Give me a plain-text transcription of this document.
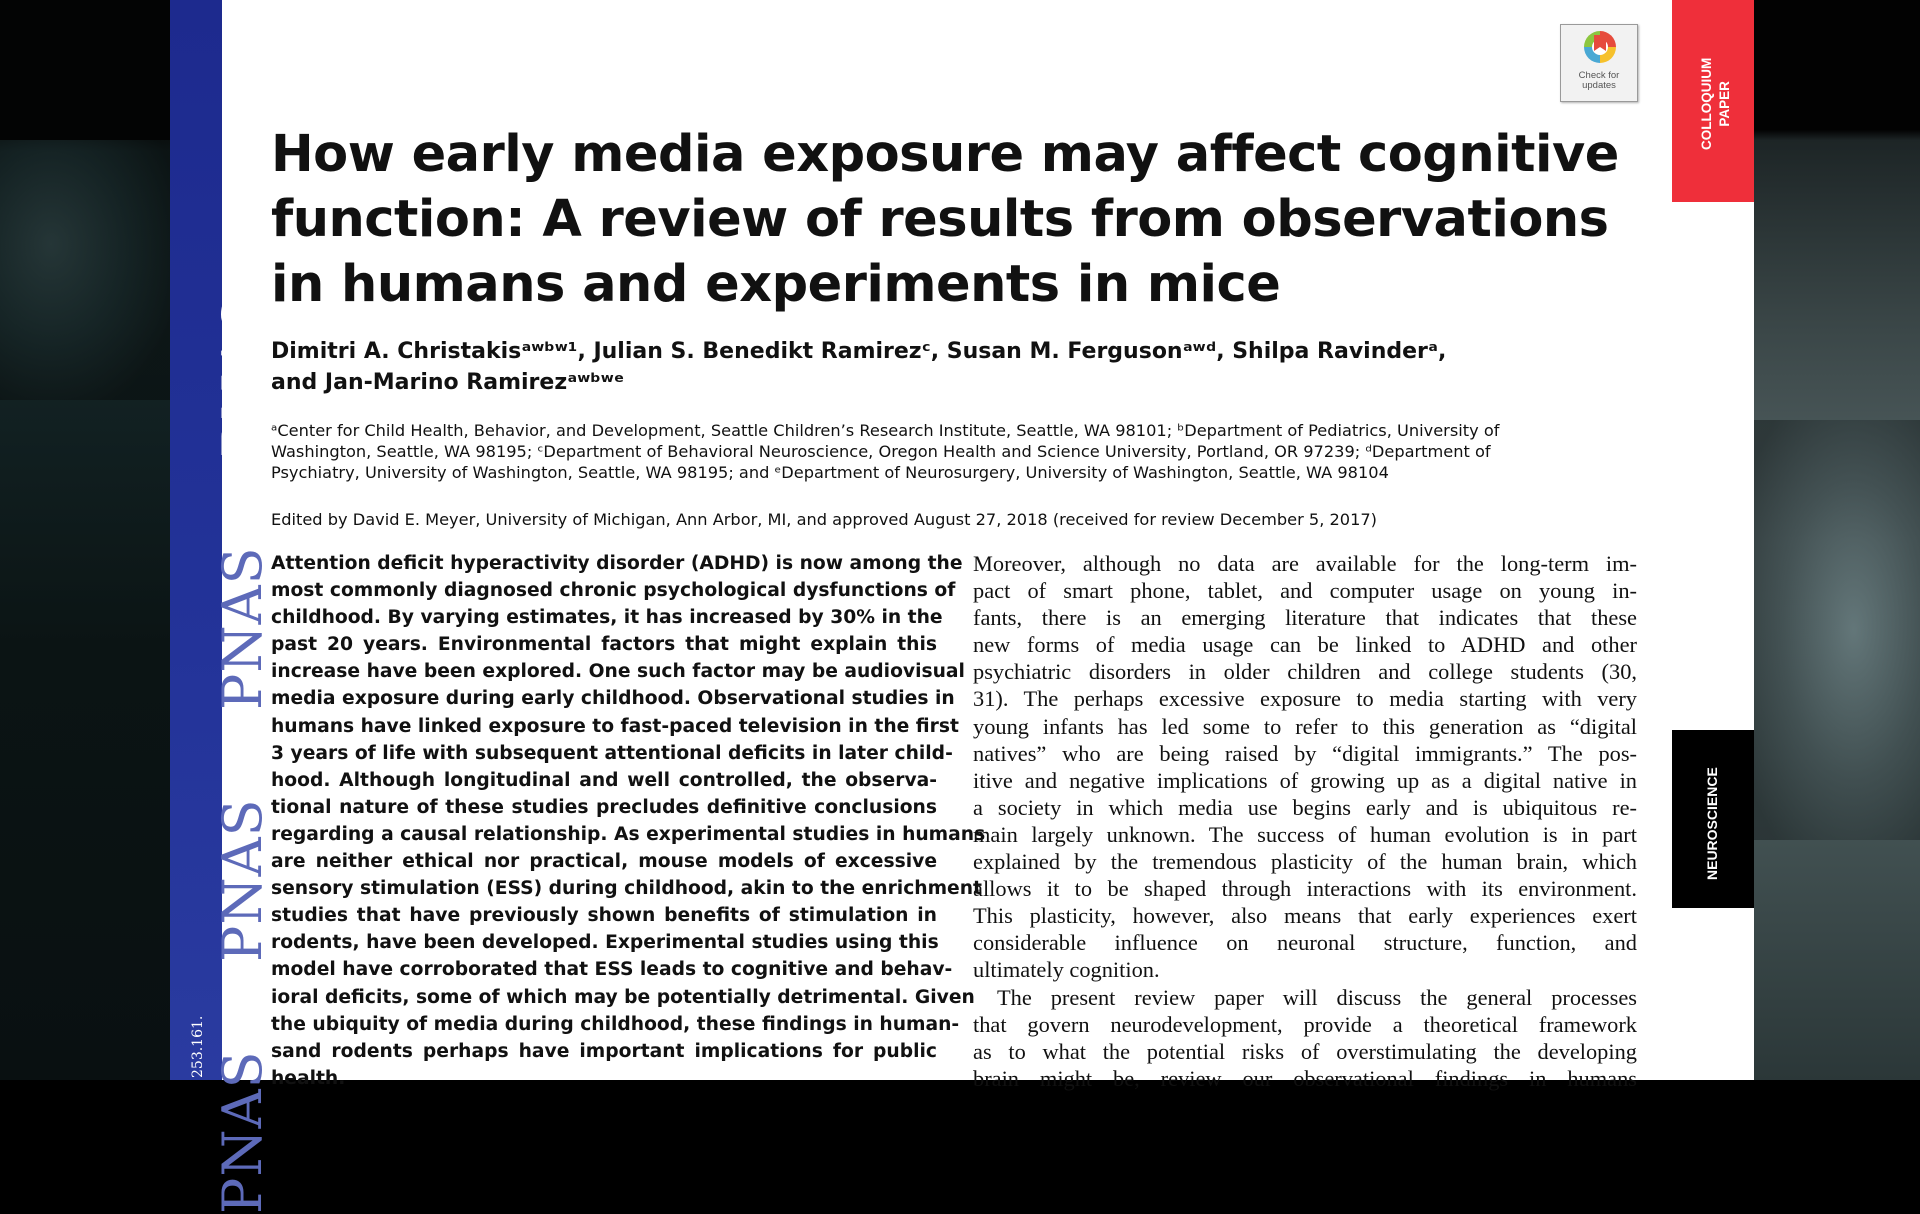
PNAS
PNAS
PNAS
PNAS
253.161.
Check for updates	COLLOQUIUM PAPER
NEUROSCIENCE
How early media exposure may affect cognitive
function: A review of results from observations
in humans and experiments in mice
Dimitri A. Christakisᵃʷᵇʷ¹, Julian S. Benedikt Ramirezᶜ, Susan M. Fergusonᵃʷᵈ, Shilpa Ravinderᵃ,
and Jan-Marino Ramirezᵃʷᵇʷᵉ
ᵃCenter for Child Health, Behavior, and Development, Seattle Children’s Research Institute, Seattle, WA 98101; ᵇDepartment of Pediatrics, University of
Washington, Seattle, WA 98195; ᶜDepartment of Behavioral Neuroscience, Oregon Health and Science University, Portland, OR 97239; ᵈDepartment of
Psychiatry, University of Washington, Seattle, WA 98195; and ᵉDepartment of Neurosurgery, University of Washington, Seattle, WA 98104
Edited by David E. Meyer, University of Michigan, Ann Arbor, MI, and approved August 27, 2018 (received for review December 5, 2017)
Attention deficit hyperactivity disorder (ADHD) is now among the
most commonly diagnosed chronic psychological dysfunctions of
childhood. By varying estimates, it has increased by 30% in the
past 20 years. Environmental factors that might explain this
increase have been explored. One such factor may be audiovisual
media exposure during early childhood. Observational studies in
humans have linked exposure to fast-paced television in the first
3 years of life with subsequent attentional deficits in later child-
hood. Although longitudinal and well controlled, the observa-
tional nature of these studies precludes definitive conclusions
regarding a causal relationship. As experimental studies in humans
are neither ethical nor practical, mouse models of excessive
sensory stimulation (ESS) during childhood, akin to the enrichment
studies that have previously shown benefits of stimulation in
rodents, have been developed. Experimental studies using this
model have corroborated that ESS leads to cognitive and behav-
ioral deficits, some of which may be potentially detrimental. Given
the ubiquity of media during childhood, these findings in human-
sand rodents perhaps have important implications for public
health.
Moreover, although no data are available for the long-term im-
pact of smart phone, tablet, and computer usage on young in-
fants, there is an emerging literature that indicates that these
new forms of media usage can be linked to ADHD and other
psychiatric disorders in older children and college students (30,
31). The perhaps excessive exposure to media starting with very
young infants has led some to refer to this generation as “digital
natives” who are being raised by “digital immigrants.” The pos-
itive and negative implications of growing up as a digital native in
a society in which media use begins early and is ubiquitous re-
main largely unknown. The success of human evolution is in part
explained by the tremendous plasticity of the human brain, which
allows it to be shaped through interactions with its environment.
This plasticity, however, also means that early experiences exert
considerable influence on neuronal structure, function, and
ultimately cognition.
The present review paper will discuss the general processes
that govern neurodevelopment, provide a theoretical framework
as to what the potential risks of overstimulating the developing
brain might be, review our observational findings in humans
